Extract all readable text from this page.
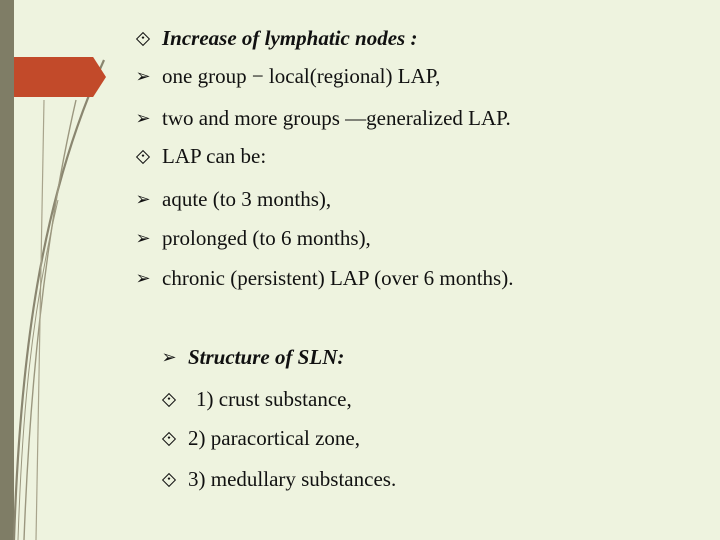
Increase of lymphatic nodes :
➢ one group − local(regional) LAP,
➢ two and more groups —generalized LAP.
LAP can be:
➢ aqute (to 3 months),
➢ prolonged (to 6 months),
➢ chronic (persistent) LAP (over 6 months).
➢ Structure of SLN:
1) crust substance,
2) paracortical zone,
3) medullary substances.
